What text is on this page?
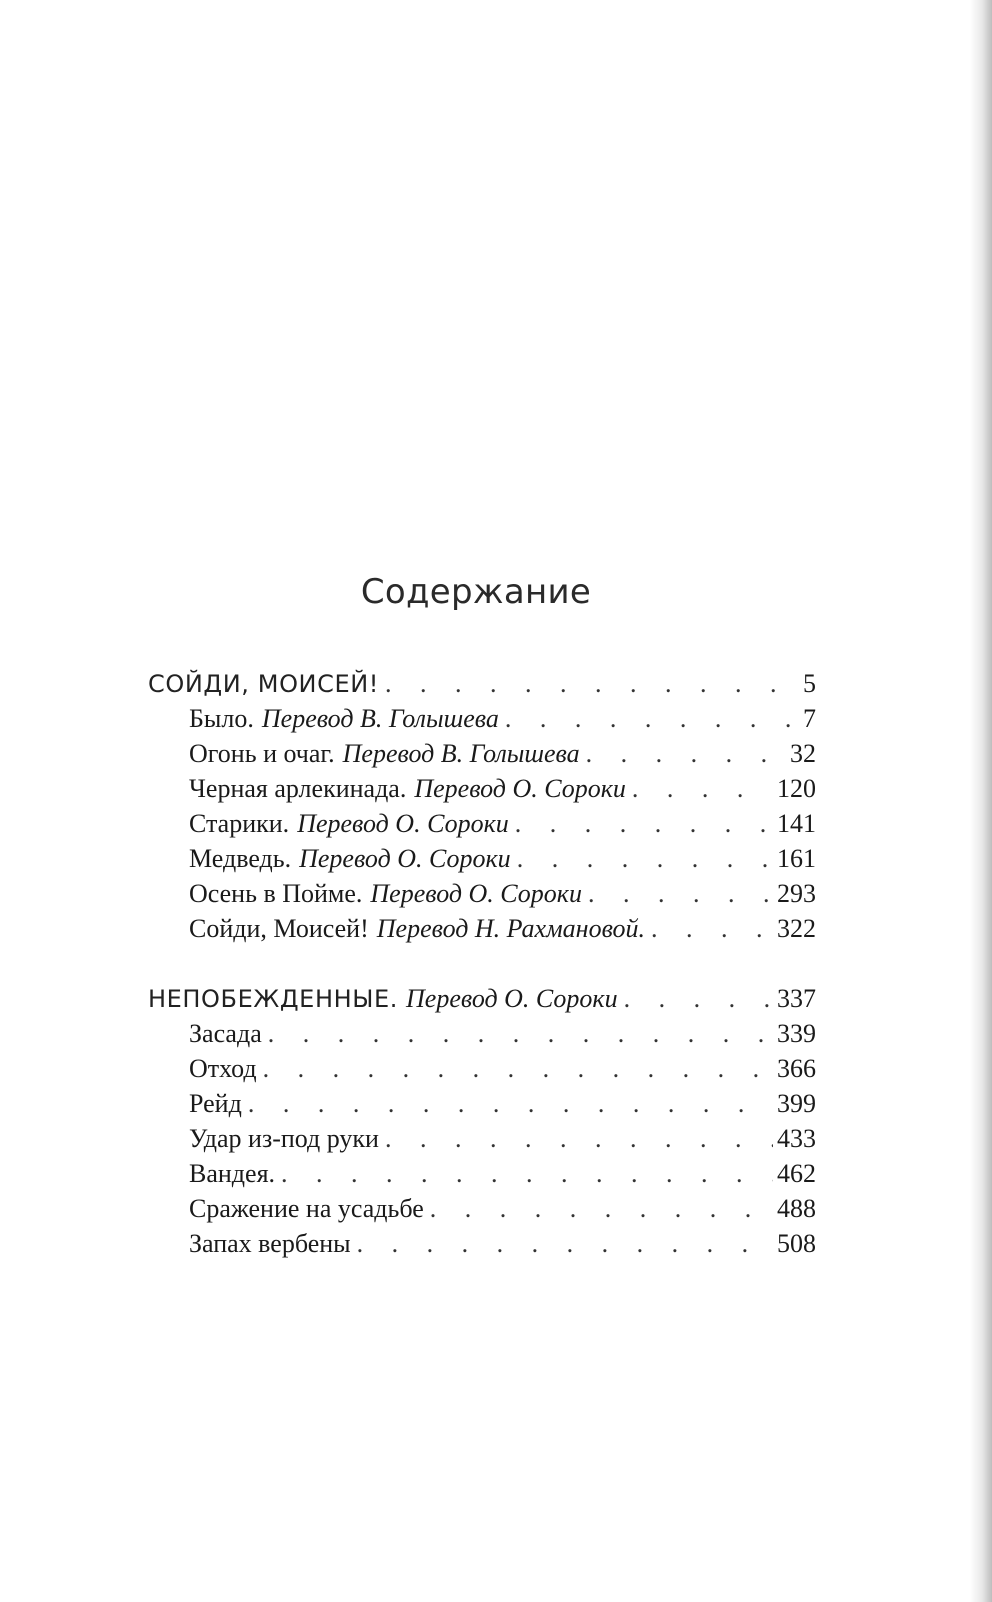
Содержание
СОЙДИ, МОИСЕЙ! . . .	5
Было. Перевод В. Голышева . . .	7
Огонь и очаг. Перевод В. Голышева . . .	32
Черная арлекинада. Перевод О. Сороки . . .	120
Старики. Перевод О. Сороки . . .	141
Медведь. Перевод О. Сороки . . .	161
Осень в Пойме. Перевод О. Сороки . . .	293
Сойди, Моисей! Перевод Н. Рахмановой. . . .	322
НЕПОБЕЖДЕННЫЕ. Перевод О. Сороки . . .	337
Засада . . .	339
Отход . . .	366
Рейд . . .	399
Удар из-под руки . . .	433
Вандея. . . .	462
Сражение на усадьбе . . .	488
Запах вербены . . .	508
